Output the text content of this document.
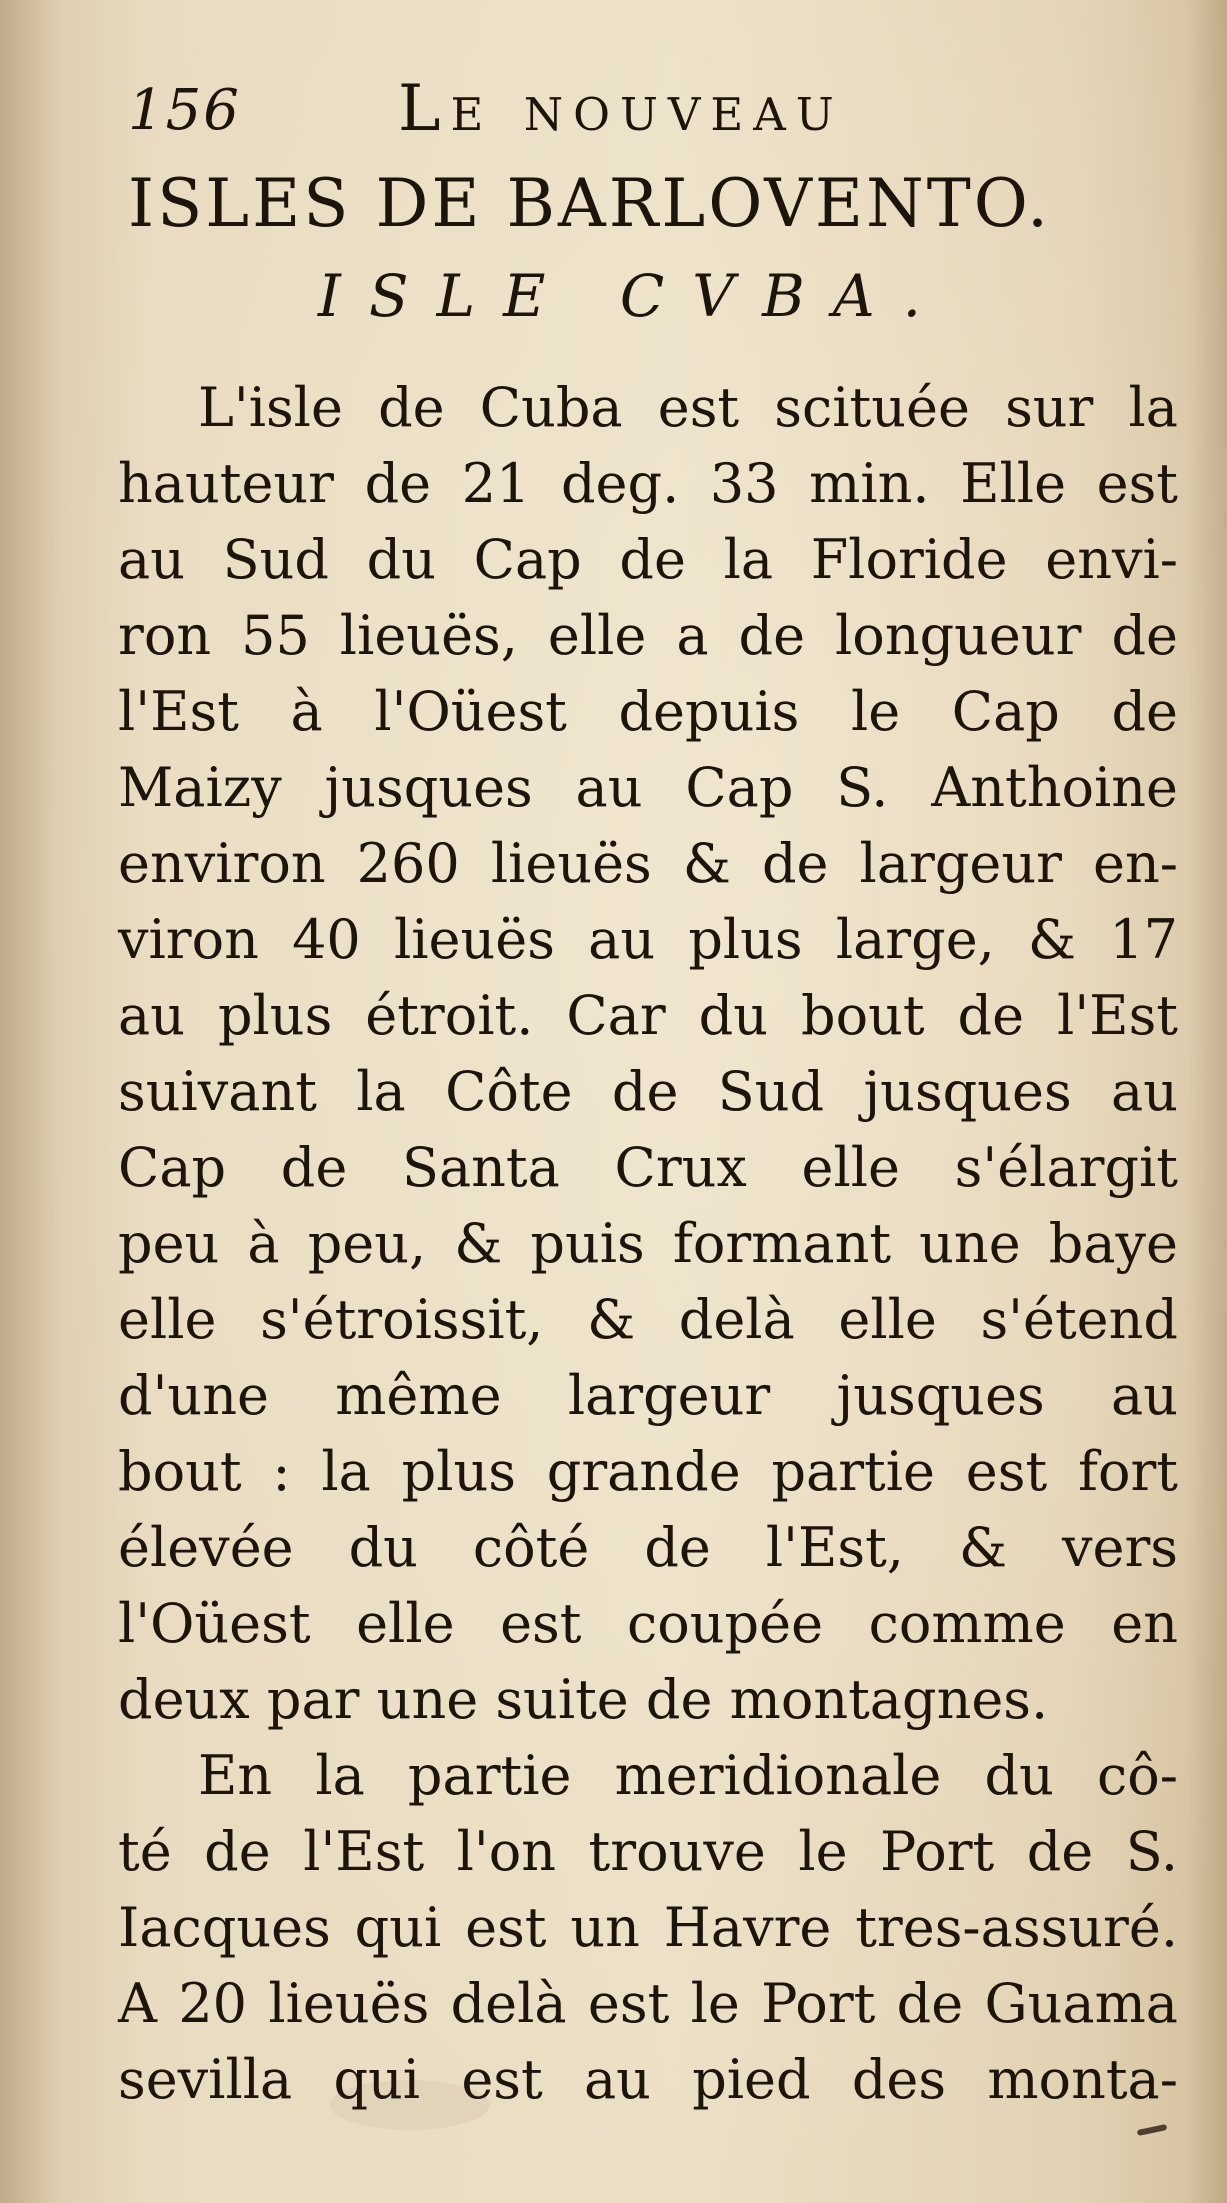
156 Le nouveau
ISLES DE BARLOVENTO.
ISLE CVBA.
L'isle de Cuba est scituée sur la
hauteur de 21 deg. 33 min. Elle est
au Sud du Cap de la Floride envi-
ron 55 lieuës, elle a de longueur de
l'Est à l'Oüest depuis le Cap de
Maizy jusques au Cap S. Anthoine
environ 260 lieuës & de largeur en-
viron 40 lieuës au plus large, & 17
au plus étroit. Car du bout de l'Est
suivant la Côte de Sud jusques au
Cap de Santa Crux elle s'élargit
peu à peu, & puis formant une baye
elle s'étroissit, & delà elle s'étend
d'une même largeur jusques au
bout : la plus grande partie est fort
élevée du côté de l'Est, & vers
l'Oüest elle est coupée comme en
deux par une suite de montagnes.
En la partie meridionale du cô-
té de l'Est l'on trouve le Port de S.
Iacques qui est un Havre tres-assuré.
A 20 lieuës delà est le Port de Guama
sevilla qui est au pied des monta-
